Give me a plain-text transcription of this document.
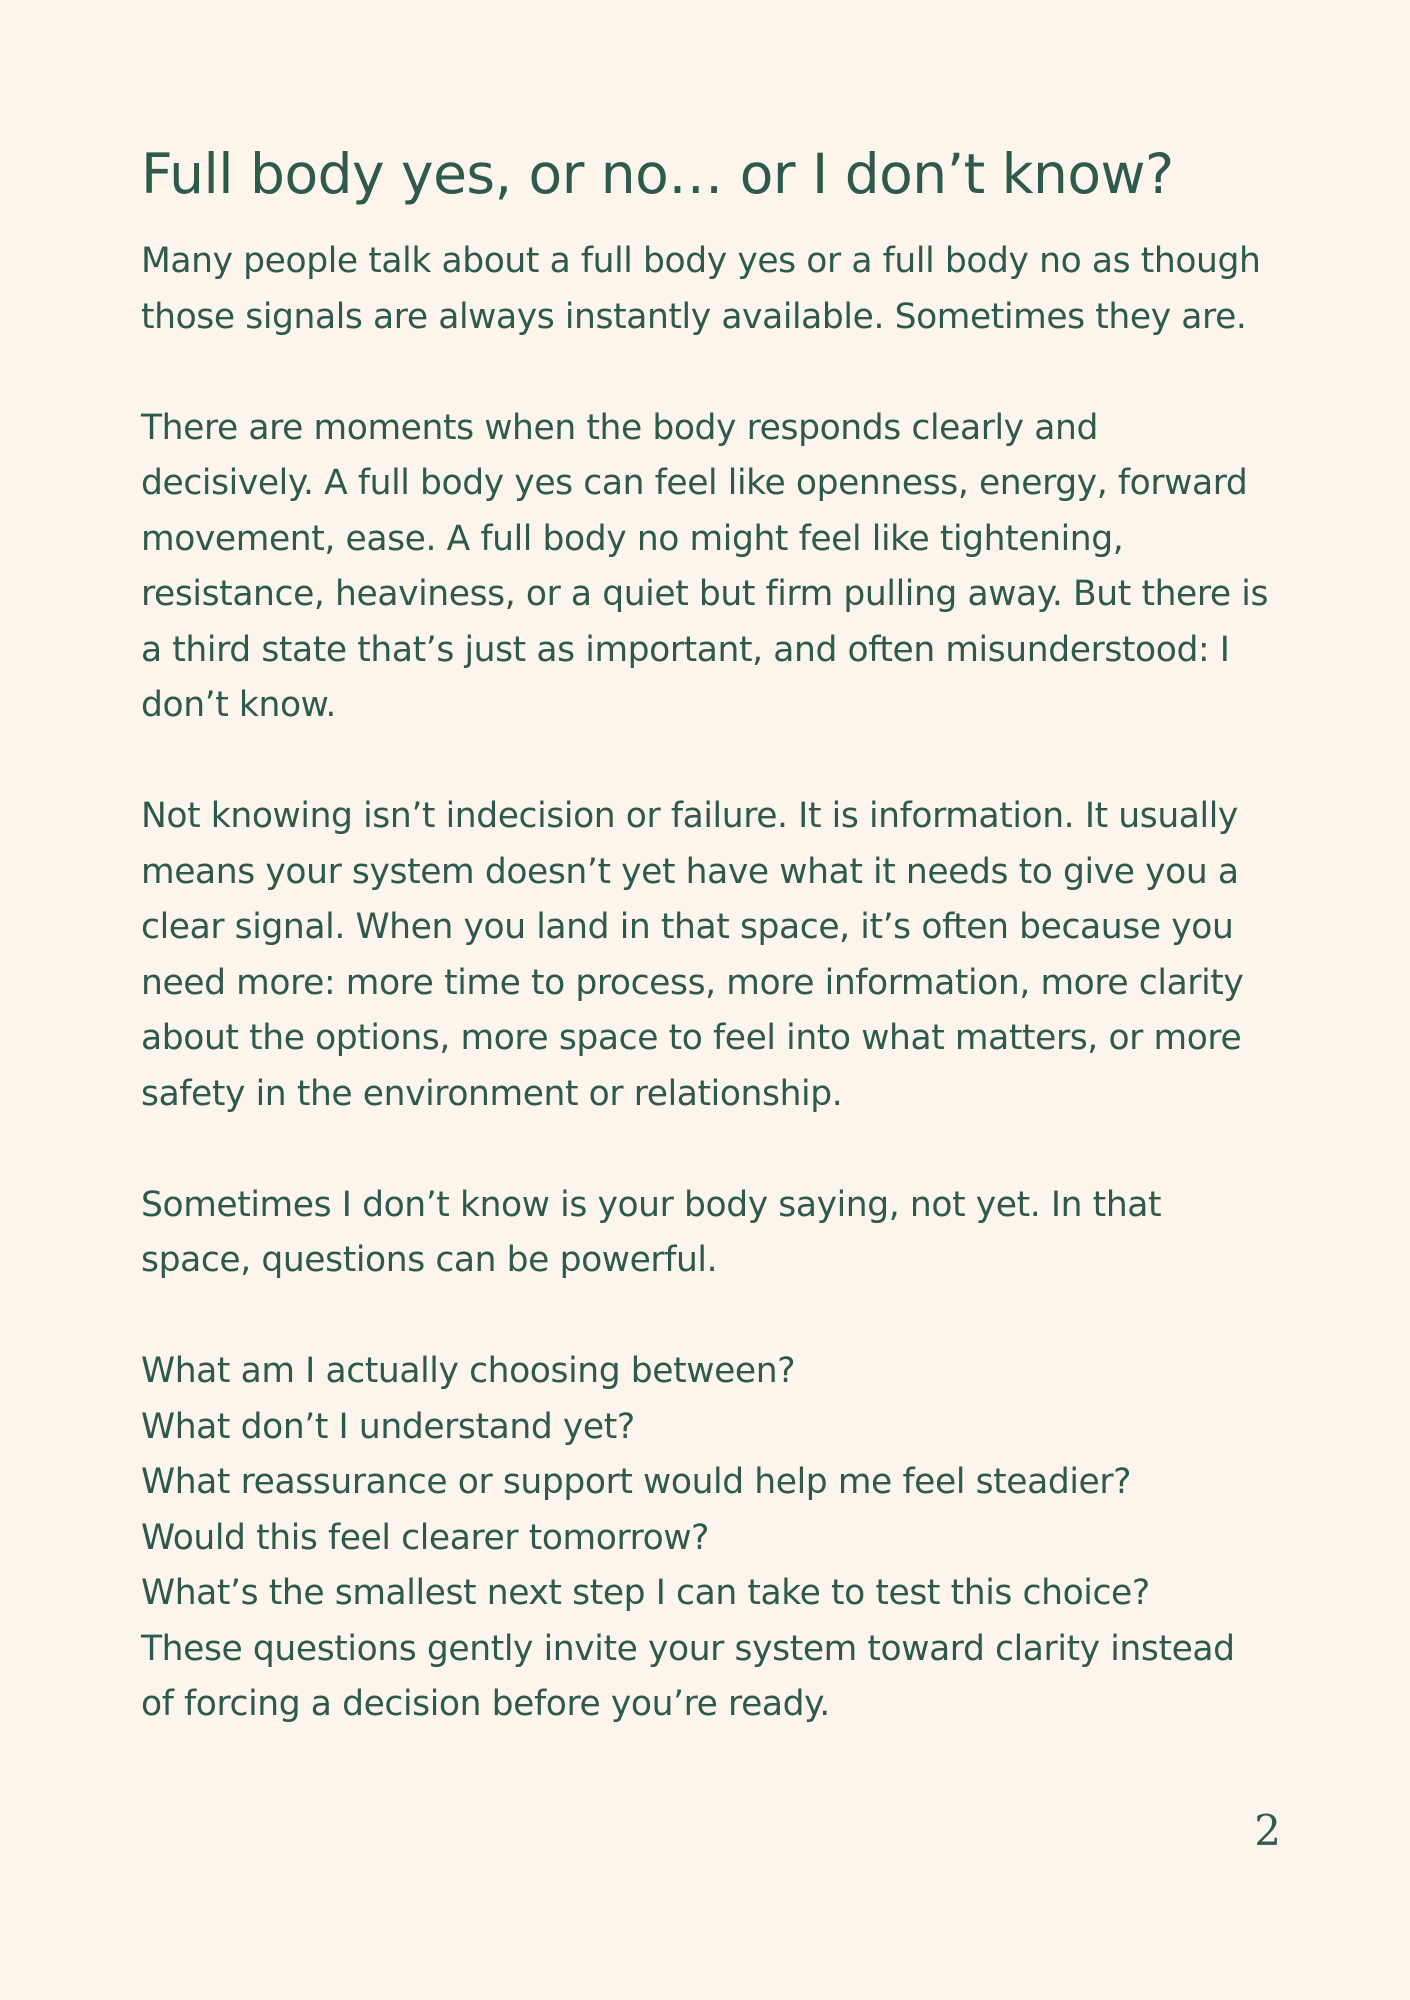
Full body yes, or no… or I don’t know?

Many people talk about a full body yes or a full body no as though those signals are always instantly available. Sometimes they are.

There are moments when the body responds clearly and decisively. A full body yes can feel like openness, energy, forward movement, ease. A full body no might feel like tightening, resistance, heaviness, or a quiet but firm pulling away. But there is a third state that’s just as important, and often misunderstood: I don’t know.

Not knowing isn’t indecision or failure. It is information. It usually means your system doesn’t yet have what it needs to give you a clear signal. When you land in that space, it’s often because you need more: more time to process, more information, more clarity about the options, more space to feel into what matters, or more safety in the environment or relationship.

Sometimes I don’t know is your body saying, not yet. In that space, questions can be powerful.

What am I actually choosing between?
What don’t I understand yet?
What reassurance or support would help me feel steadier?
Would this feel clearer tomorrow?
What’s the smallest next step I can take to test this choice?

These questions gently invite your system toward clarity instead of forcing a decision before you’re ready.

2
